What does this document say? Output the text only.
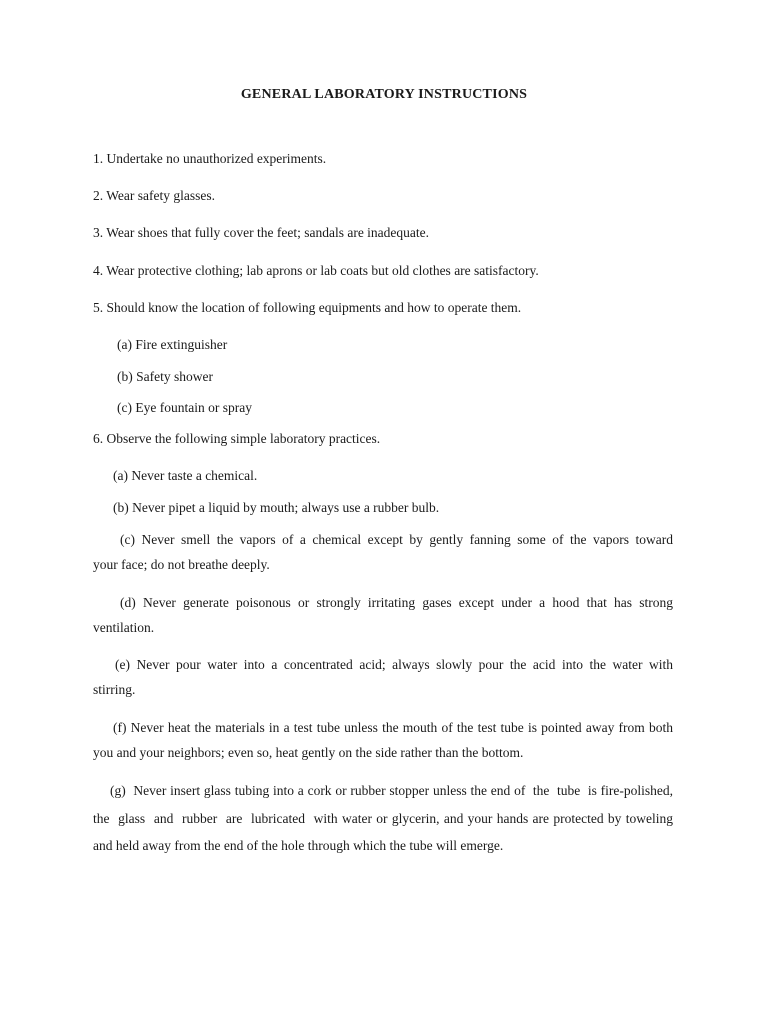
GENERAL LABORATORY INSTRUCTIONS
1. Undertake no unauthorized experiments.
2. Wear safety glasses.
3. Wear shoes that fully cover the feet; sandals are inadequate.
4. Wear protective clothing; lab aprons or lab coats but old clothes are satisfactory.
5. Should know the location of following equipments and how to operate them.
(a) Fire extinguisher
(b) Safety shower
(c) Eye fountain or spray
6. Observe the following simple laboratory practices.
(a) Never taste a chemical.
(b) Never pipet a liquid by mouth; always use a rubber bulb.
(c) Never smell the vapors of a chemical except by gently fanning some of the vapors toward        your face; do not breathe deeply.
(d) Never generate poisonous or strongly irritating gases except under a hood that has strong ventilation.
(e) Never pour water into a concentrated acid; always slowly pour the acid into the water with          stirring.
(f) Never heat the materials in a test tube unless the mouth of the test tube is pointed away from both you and your neighbors; even so, heat gently on the side rather than the bottom.
(g)  Never insert glass tubing into a cork or rubber stopper unless the end of  the  tube  is fire-polished,  the  glass  and  rubber  are  lubricated  with water or glycerin, and your hands are protected by toweling and held away from the end of the hole through which the tube will emerge.
